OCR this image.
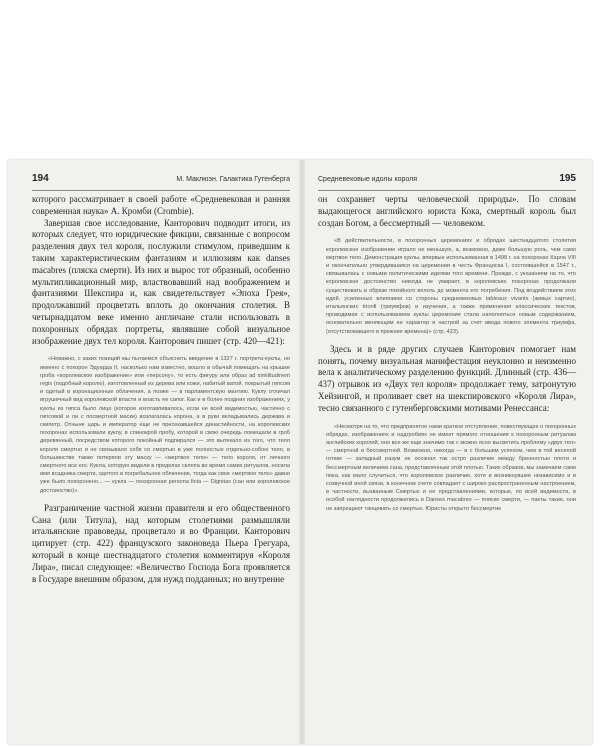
194	М. Маклюэн. Галактика Гутенберга

которого рассматривает в своей работе «Средневековая и ранняя современная наука» А. Кромби (Crombie).

Завершая свое исследование, Канторович подводит итоги, из которых следует, что юридические фикции, связанные с вопросом разделения двух тел короля, послужили стимулом, приведшим к таким характеристическим фантазиям и иллюзиям как danses macabres (пляска смерти). Из них и вырос тот образный, особенно мультипликационный мир, властвовавший над воображением и фантазиями Шекспира и, как свидетельствует «Эпоха Грея», продолжавший процветать вплоть до окончания столетия. В четырнадцатом веке именно англичане стали использовать в похоронных обрядах портреты, являвшие собой визуальное изображение двух тел короля. Канторович пишет (стр. 420—421):

«Неважно, с каких позиций мы пытаемся объяснить введение в 1327 г. портрета-куклы, но именно с похорон Эдуарда II, насколько нам известно, вошло в обычай помещать на крышке гроба «королевское изображение» или «персону», то есть фигуру или образ ad similitudinem regis (подобный королю), изготовленный из дерева или кожи, набитый ватой, покрытый гипсом и одетый в коронационные облачения, а позже — в парламентскую мантию. Куклу отличал игрушечный вид королевской власти и власть ее сапог. Как и в более поздних изображениях, у куклы из гипса было лицо (которое изготавливалось, если не всей видимостью, частично с гипсовой и ли с посмертной маски) возлагалась корона, а в руки вкладывались держава и скипетр. Отныне царь и император еще не пресекавшейся династийности, на королевских похоронах использовали куклу, в спинокрой пробу, которой в свою очередь помещали в гроб деревянный, посредством которого покойный подпирался — это вытекало из того, что тело короля смертно и не связывало себя со смертью в уже полностью отдельно-собою тело, в большинстве также потеряли эту маску — «мертвое тело» — тело короля, от личного смертного все его. Кукла, которую видели в пределах склепа во время самих ритуалов, носила имя всадника смерти, одетого в погребальное облачение, тогда как свое «мертвое тело» давно уже было похоронено... — кукла — похоронная persona ficta — Dignitas (сан или королевское достоинство)».

Разграничение частной жизни правителя и его общественного Сана (или Титула), над которым столетиями размышляли итальянские правоведы, процветало и во Франции. Канторович цитирует (стр. 422) французского законоведа Пьера Грегуара, который в конце шестнадцатого столетия комментируя «Короля Лира», писал следующее: «Величество Господа Бога проявляется в Государе внешним образом, для нужд подданных; но внутренне

Средневековые идолы короля	195

он сохраняет черты человеческой природы». По словам выдающегося английского юриста Кока, смертный король был создан Богом, а бессмертный — человеком.

«В действительности, в похоронных церемониях и обрядах шестнадцатого столетия королевское изображение играло не меньшую, а, возможно, даже большую роль, чем само мертвое тело. Демонстрация куклы, впервые использованная в 1498 г. на похоронах Карла VIII и окончательно утвердившаяся на церемонии в честь Франциска I, состоявшейся в 1547 г., связывалась с новыми политическими идеями того времени. Прежде, с указанием на то, что королевское достоинство никогда не умирает, в королевских похоронах продолжали существовать в образе покойного вплоть до момента его погребения. Под воздействием этих идей, усиленных влиянием со стороны средневековых tableaux vivants (живых картин), итальянских trionfi (триумфов) и изучения, а также применения классических текстов, проводимая с использованием куклы церемония стала наполняться новым содержанием, основательно меняющим ее характер и настрой за счет ввода нового элемента триумфа, (отсутствовавшего в прежние времена)» (стр. 423).

Здесь и в ряде других случаев Канторович помогает нам понять, почему визуальная манифестация неуклонно и неизменно вела к аналитическому разделению функций. Длинный (стр. 436—437) отрывок из «Двух тел короля» продолжает тему, затронутую Хейзингой, и проливает свет на шекспировского «Короля Лира», тесно связанного с гутенберговскими мотивами Ренессанса:

«Несмотря на то, что предпринятое нами краткое отступление, повествующее о похоронных обрядах, изображениях и надгробиях не имеет прямого отношения к похоронным ритуалам английских королей, оно все же еще значимо так с можно ясно высветить проблему «двух тел» — смертной и бессмертной. Возможно, никогда — и с большим успехом, чем в той веселой готике — заладный разум не осознал так остро различие между бренностью плоти и бессмертным величием сана, представленным этой плотью. Таких образов, мы замечаем сами пока, как мало случиться, что королевское различие, хотя и возникнувшее независимо и в созвучной иной связи, в конечном счете совпадает с широко распространенным настроением, в частности, вызванным Смертью и ее представлениями, которые, по всей видимости, в особой наглядности продолжились в Danses macabres — пляске смерти, — пакты такие, они не запрещают танцевать со смертью. Юристы открыто бессмертие
